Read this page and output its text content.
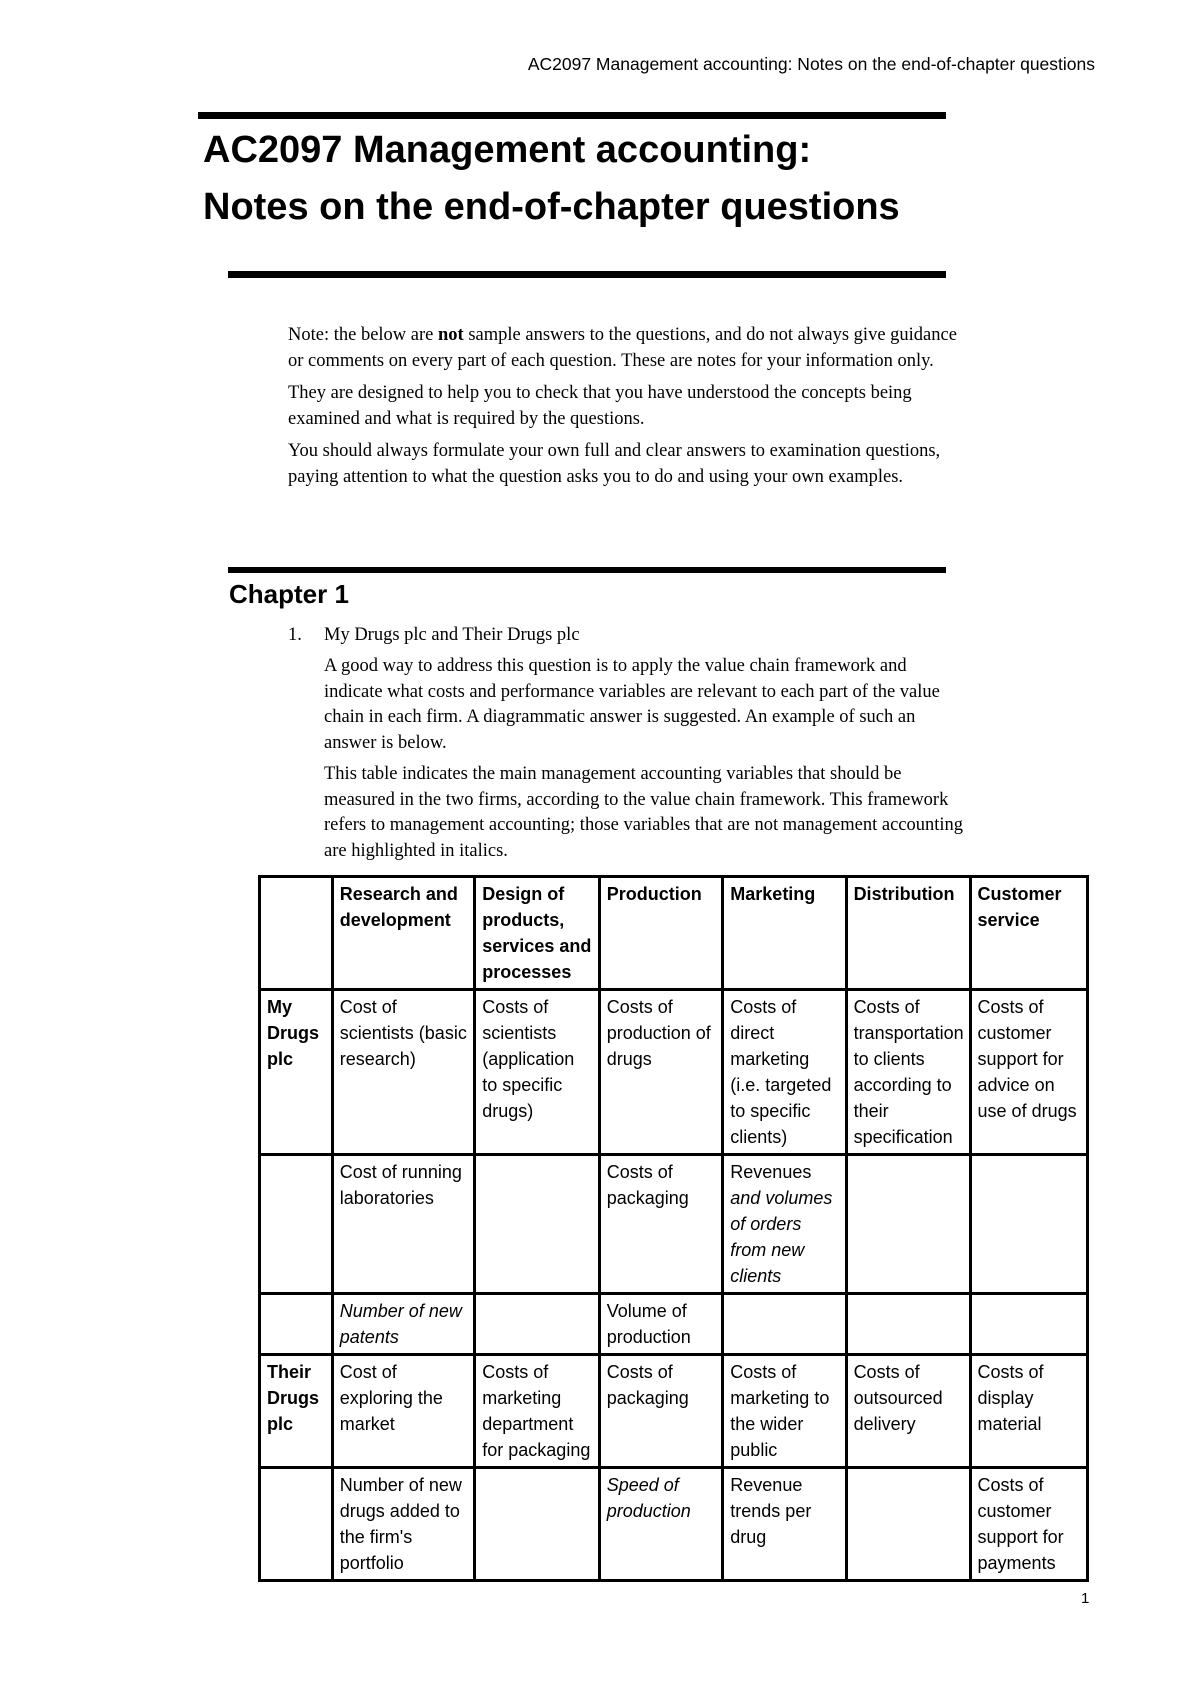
AC2097 Management accounting: Notes on the end-of-chapter questions
AC2097 Management accounting:
Notes on the end-of-chapter questions

Note: the below are not sample answers to the questions, and do not always give guidance or comments on every part of each question. These are notes for your information only.

They are designed to help you to check that you have understood the concepts being examined and what is required by the questions.

You should always formulate your own full and clear answers to examination questions, paying attention to what the question asks you to do and using your own examples.

Chapter 1
1. My Drugs plc and Their Drugs plc

A good way to address this question is to apply the value chain framework and indicate what costs and performance variables are relevant to each part of the value chain in each firm. A diagrammatic answer is suggested. An example of such an answer is below.

This table indicates the main management accounting variables that should be measured in the two firms, according to the value chain framework. This framework refers to management accounting; those variables that are not management accounting are highlighted in italics.

	Research and development	Design of products, services and processes	Production	Marketing	Distribution	Customer service
My Drugs plc	Cost of scientists (basic research)	Costs of scientists (application to specific drugs)	Costs of production of drugs	Costs of direct marketing (i.e. targeted to specific clients)	Costs of transportation to clients according to their specification	Costs of customer support for advice on use of drugs
	Cost of running laboratories		Costs of packaging	Revenues and volumes of orders from new clients		
	Number of new patents		Volume of production			
Their Drugs plc	Cost of exploring the market	Costs of marketing department for packaging	Costs of packaging	Costs of marketing to the wider public	Costs of outsourced delivery	Costs of display material
	Number of new drugs added to the firm's portfolio		Speed of production	Revenue trends per drug		Costs of customer support for payments
1
